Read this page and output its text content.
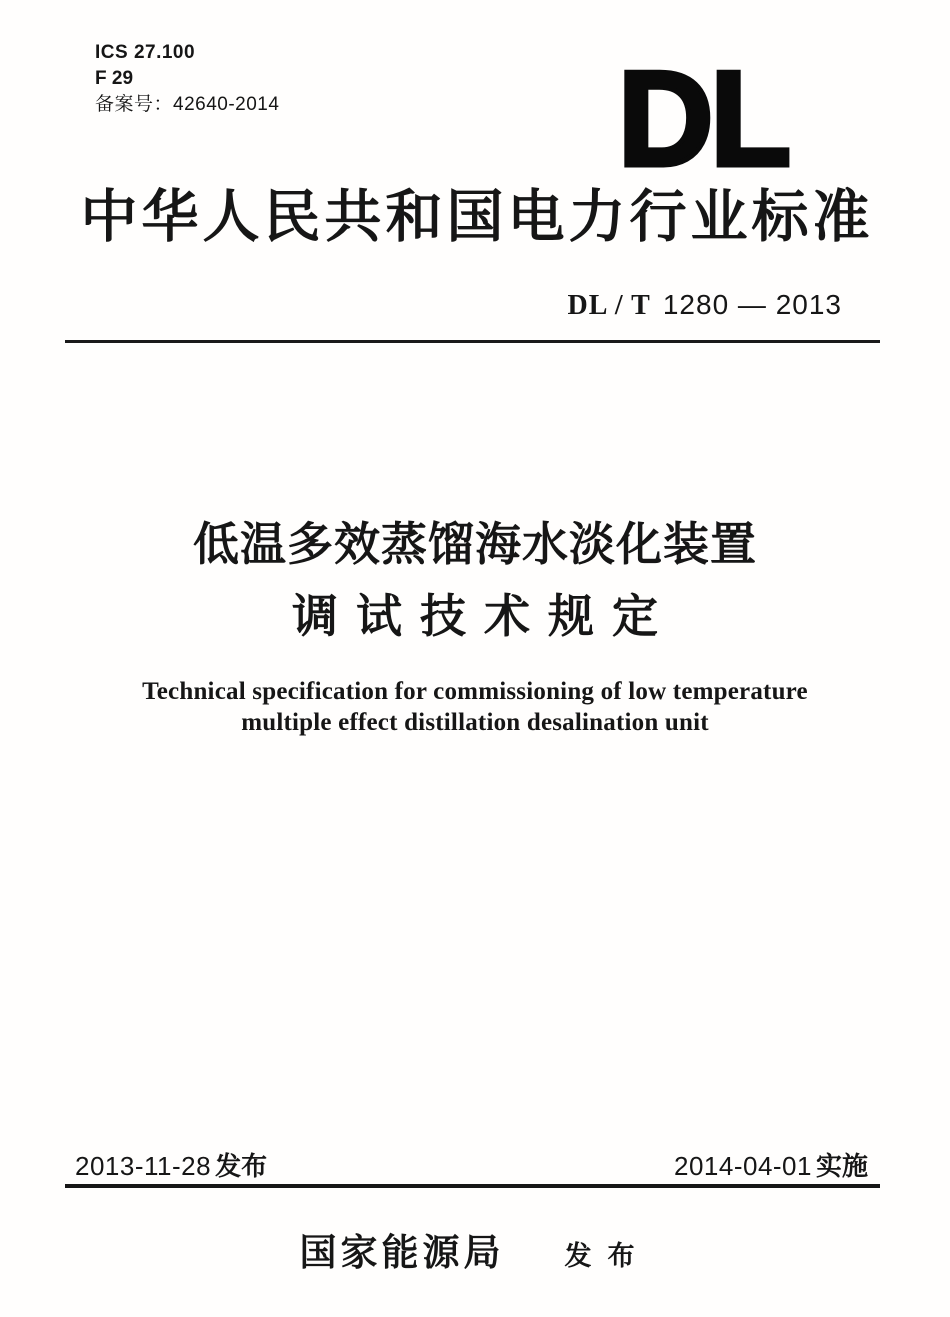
ICS 27.100
F 29
备案号：42640-2014	DL
中华人民共和国电力行业标准
DL / T 1280 — 2013
低温多效蒸馏海水淡化装置
调试技术规定
Technical specification for commissioning of low temperature
multiple effect distillation desalination unit
2013-11-28 发布	2014-04-01 实施
国家能源局	发布
